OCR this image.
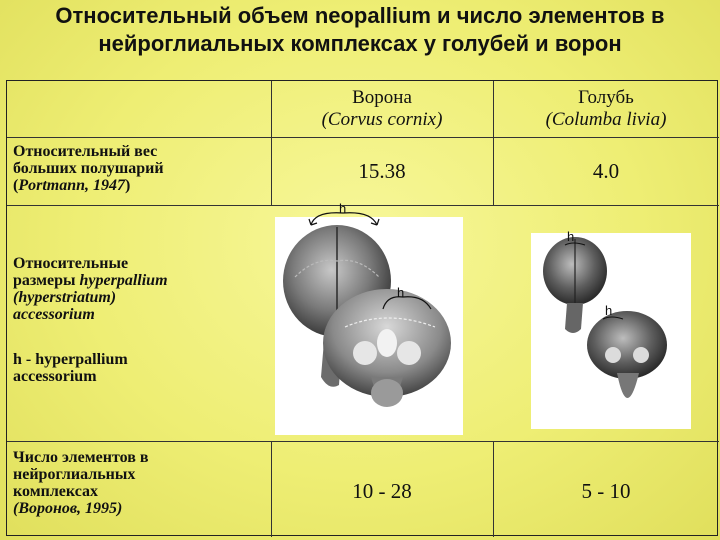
Относительный объем neopallium и число элементов в
нейроглиальных комплексах у голубей и ворон
Ворона
(Corvus cornix)
Голубь
(Columba livia)
Относительный вес
больших полушарий
(Portmann, 1947)
15.38	4.0
Относительные
размеры hyperpallium
(hyperstriatum)
accessorium
h - hyperpallium
accessorium
h
h
h
h
Число элементов в
нейроглиальных
комплексах
(Воронов, 1995)
10 - 28	5 - 10
